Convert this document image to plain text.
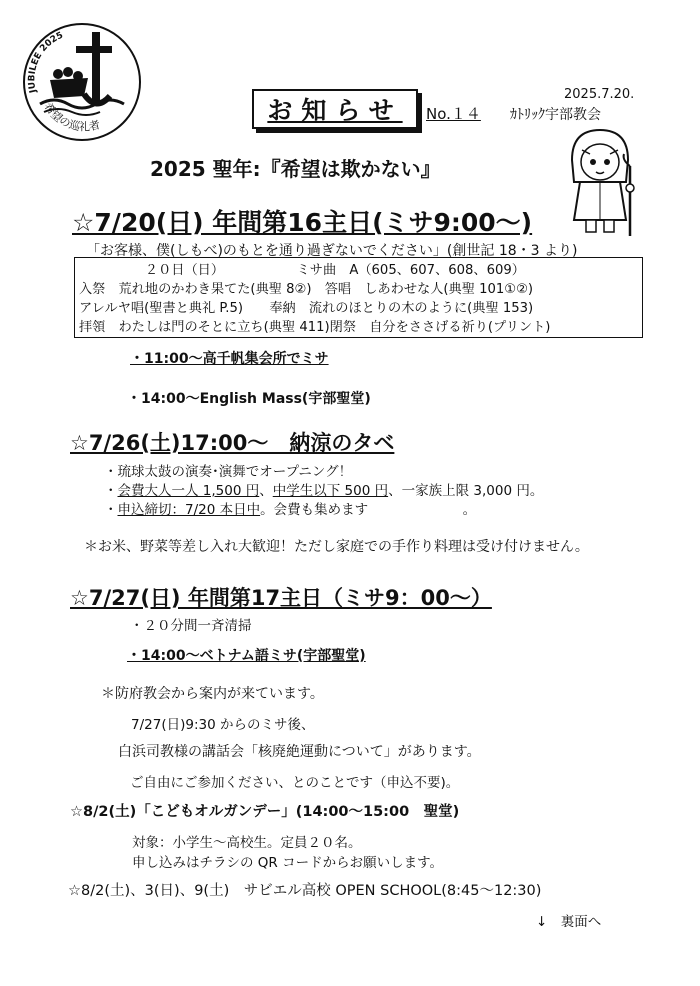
JUBILEE 2025
希望の巡礼者
お知らせ No.１４
2025.7.20.
ｶﾄﾘｯｸ宇部教会
2025 聖年:『希望は欺かない』
☆7/20(日) 年間第16主日(ミサ9:00～)
「お客様、僕(しもべ)のもとを通り過ぎないでください」(創世記 18・3 より)
　　　　　２０日（日）　　　　　　ミサ曲　A（605、607、608、609）
入祭　荒れ地のかわき果てた(典聖 8②)　答唱　しあわせな人(典聖 101①②)
アレルヤ唱(聖書と典礼 P.5)　　奉納　流れのほとりの木のように(典聖 153)
拝領　わたしは門のそとに立ち(典聖 411)閉祭　自分をささげる祈り(プリント)
・11:00～高千帆集会所でミサ
・14:00～English Mass(宇部聖堂)
☆7/26(土)17:00～　納涼のタベ
・琉球太鼓の演奏･演舞でオープニング！
・会費大人一人 1,500 円、中学生以下 500 円、一家族上限 3,000 円。
・申込締切：7/20 本日中。会費も集めます　　　　　　　。
＊お米、野菜等差し入れ大歓迎！ただし家庭での手作り料理は受け付けません。
☆7/27(日) 年間第17主日（ミサ9：00～）
・２０分間一斉清掃
・14:00～ベトナム語ミサ(宇部聖堂)
＊防府教会から案内が来ています。
7/27(日)9:30 からのミサ後、
白浜司教様の講話会「核廃絶運動について」があります。
ご自由にご参加ください、とのことです（申込不要)。
☆8/2(土)「こどもオルガンデー」(14:00～15:00　聖堂)
対象：小学生～高校生。定員２０名。
申し込みはチラシの QR コードからお願いします。
☆8/2(土)、3(日)、9(土)　サビエル高校 OPEN SCHOOL(8:45～12:30)
↓　裏面へ
